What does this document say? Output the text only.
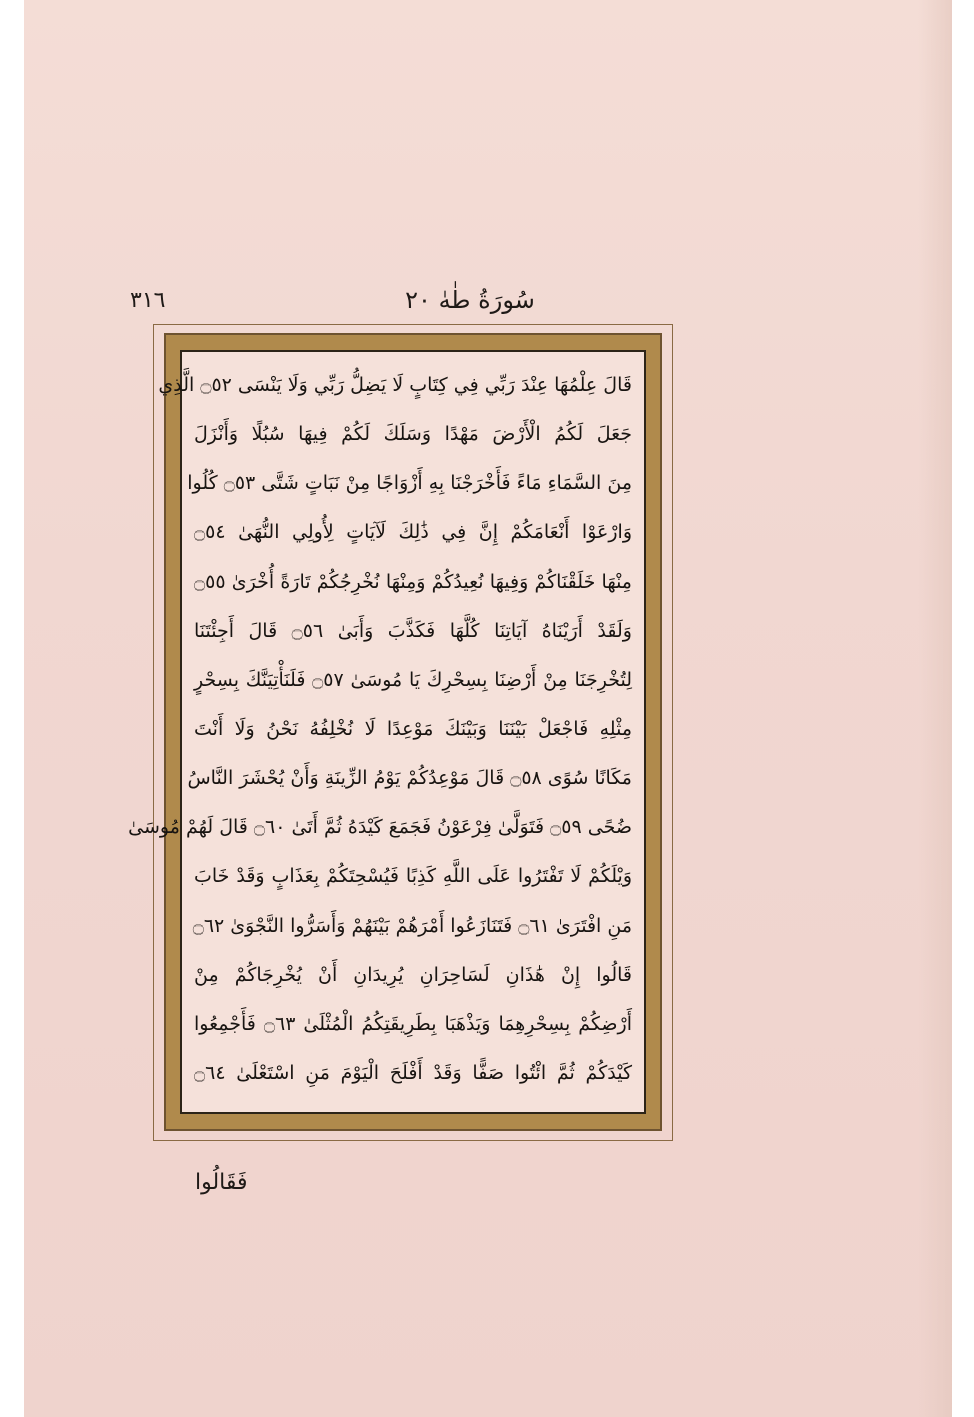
٣١٦	سُورَةُ طٰهٰ ٢٠
قَالَ عِلْمُهَا عِنْدَ رَبِّي فِي كِتَابٍ لَا يَضِلُّ رَبِّي وَلَا يَنْسَى ۝٥٢ الَّذِي
جَعَلَ لَكُمُ الْأَرْضَ مَهْدًا وَسَلَكَ لَكُمْ فِيهَا سُبُلًا وَأَنْزَلَ
مِنَ السَّمَاءِ مَاءً فَأَخْرَجْنَا بِهِ أَزْوَاجًا مِنْ نَبَاتٍ شَتَّى ۝٥٣ كُلُوا
وَارْعَوْا أَنْعَامَكُمْ إِنَّ فِي ذَٰلِكَ لَآيَاتٍ لِأُولِي النُّهَىٰ ۝٥٤
مِنْهَا خَلَقْنَاكُمْ وَفِيهَا نُعِيدُكُمْ وَمِنْهَا نُخْرِجُكُمْ تَارَةً أُخْرَىٰ ۝٥٥
وَلَقَدْ أَرَيْنَاهُ آيَاتِنَا كُلَّهَا فَكَذَّبَ وَأَبَىٰ ۝٥٦ قَالَ أَجِئْتَنَا
لِتُخْرِجَنَا مِنْ أَرْضِنَا بِسِحْرِكَ يَا مُوسَىٰ ۝٥٧ فَلَنَأْتِيَنَّكَ بِسِحْرٍ
مِثْلِهِ فَاجْعَلْ بَيْنَنَا وَبَيْنَكَ مَوْعِدًا لَا نُخْلِفُهُ نَحْنُ وَلَا أَنْتَ
مَكَانًا سُوًى ۝٥٨ قَالَ مَوْعِدُكُمْ يَوْمُ الزِّينَةِ وَأَنْ يُحْشَرَ النَّاسُ
ضُحًى ۝٥٩ فَتَوَلَّىٰ فِرْعَوْنُ فَجَمَعَ كَيْدَهُ ثُمَّ أَتَىٰ ۝٦٠ قَالَ لَهُمْ مُوسَىٰ
وَيْلَكُمْ لَا تَفْتَرُوا عَلَى اللَّهِ كَذِبًا فَيُسْحِتَكُمْ بِعَذَابٍ وَقَدْ خَابَ
مَنِ افْتَرَىٰ ۝٦١ فَتَنَازَعُوا أَمْرَهُمْ بَيْنَهُمْ وَأَسَرُّوا النَّجْوَىٰ ۝٦٢
قَالُوا إِنْ هَٰذَانِ لَسَاحِرَانِ يُرِيدَانِ أَنْ يُخْرِجَاكُمْ مِنْ
أَرْضِكُمْ بِسِحْرِهِمَا وَيَذْهَبَا بِطَرِيقَتِكُمُ الْمُثْلَىٰ ۝٦٣ فَأَجْمِعُوا
كَيْدَكُمْ ثُمَّ ائْتُوا صَفًّا وَقَدْ أَفْلَحَ الْيَوْمَ مَنِ اسْتَعْلَىٰ ۝٦٤
فَقَالُوا
